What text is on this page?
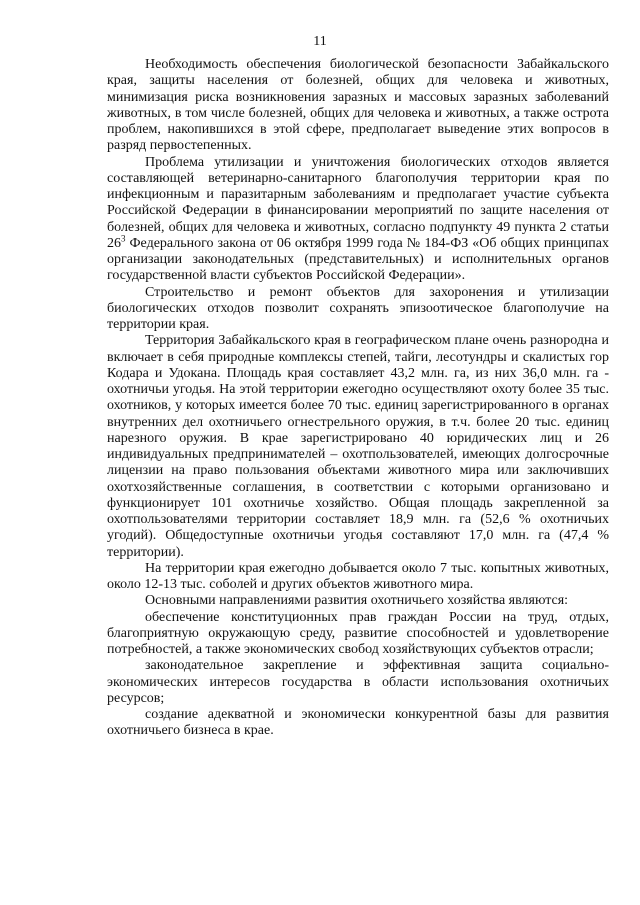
11

Необходимость обеспечения биологической безопасности Забайкальского края, защиты населения от болезней, общих для человека и животных, минимизация риска возникновения заразных и массовых заразных заболеваний животных, в том числе болезней, общих для человека и животных, а также острота проблем, накопившихся в этой сфере, предполагает выведение этих вопросов в разряд первостепенных.

Проблема утилизации и уничтожения биологических отходов является составляющей ветеринарно-санитарного благополучия территории края по инфекционным и паразитарным заболеваниям и предполагает участие субъекта Российской Федерации в финансировании мероприятий по защите населения от болезней, общих для человека и животных, согласно подпункту 49 пункта 2 статьи $26^3$ Федерального закона от 06 октября 1999 года № 184-ФЗ «Об общих принципах организации законодательных (представительных) и исполнительных органов государственной власти субъектов Российской Федерации».

Строительство и ремонт объектов для захоронения и утилизации биологических отходов позволит сохранять эпизоотическое благополучие на территории края.

Территория Забайкальского края в географическом плане очень разнородна и включает в себя природные комплексы степей, тайги, лесотундры и скалистых гор Кодара и Удокана. Площадь края составляет 43,2 млн. га, из них 36,0 млн. га - охотничьи угодья. На этой территории ежегодно осуществляют охоту более 35 тыс. охотников, у которых имеется более 70 тыс. единиц зарегистрированного в органах внутренних дел охотничьего огнестрельного оружия, в т.ч. более 20 тыс. единиц нарезного оружия. В крае зарегистрировано 40 юридических лиц и 26 индивидуальных предпринимателей – охотпользователей, имеющих долгосрочные лицензии на право пользования объектами животного мира или заключивших охотхозяйственные соглашения, в соответствии с которыми организовано и функционирует 101 охотничье хозяйство. Общая площадь закрепленной за охотпользователями территории составляет 18,9 млн. га (52,6 % охотничьих угодий). Общедоступные охотничьи угодья составляют 17,0 млн. га (47,4 % территории).

На территории края ежегодно добывается около 7 тыс. копытных животных, около 12-13 тыс. соболей и других объектов животного мира.

Основными направлениями развития охотничьего хозяйства являются:

обеспечение конституционных прав граждан России на труд, отдых, благоприятную окружающую среду, развитие способностей и удовлетворение потребностей, а также экономических свобод хозяйствующих субъектов отрасли;

законодательное закрепление и эффективная защита социально-экономических интересов государства в области использования охотничьих ресурсов;

создание адекватной и экономически конкурентной базы для развития охотничьего бизнеса в крае.
